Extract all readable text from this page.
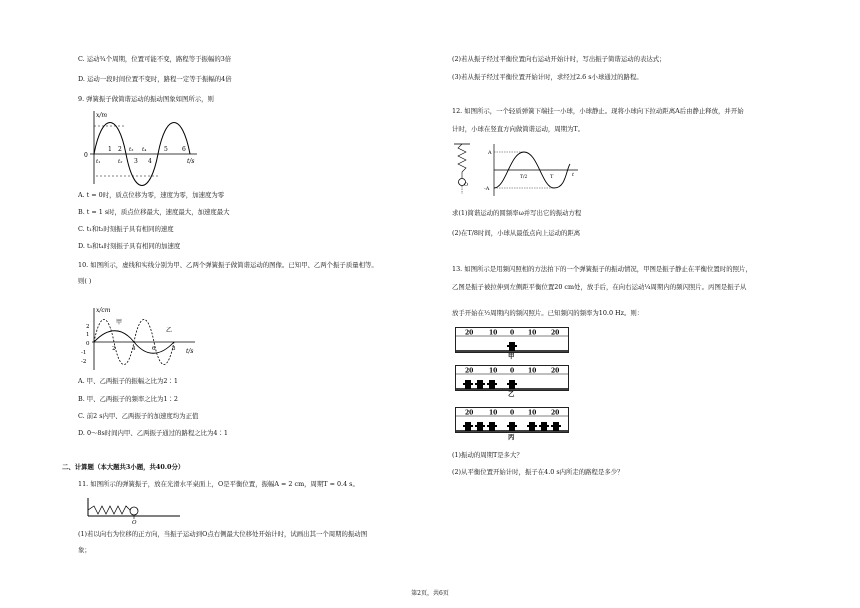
C. 运动¾个周期，位置可能不变，路程等于振幅的3倍
D. 运动一段时间位置不变时，路程一定等于振幅的4倍
9. 弹簧振子做简谐运动的振动图象如图所示，则
x/m
t/s
0
1 2
3 4
5 6
t₁	t₂
t₃ t₄
A. t = 0时，质点位移为零，速度为零，加速度为零
B. t = 1 s时，质点位移最大，速度最大，加速度最大
C. t₁和t₂时刻振子具有相同的速度
D. t₃和t₄时刻振子具有相同的加速度
10. 如图所示，虚线和实线分别为甲、乙两个弹簧振子做简谐运动的图像。已知甲、乙两个振子质量相等。
则( )
x/cm
t/s
2
1
0
-1
-2
2	4	6	8
甲
乙
A. 甲、乙两振子的振幅之比为2∶1
B. 甲、乙两振子的频率之比为1∶2
C. 前2 s内甲、乙两振子的加速度均为正值
D. 0～8s时间内甲、乙两振子通过的路程之比为4∶1
二、计算题（本大题共3小题，共40.0分）
11. 如图所示的弹簧振子，放在光滑水平桌面上，O是平衡位置，振幅A = 2 cm，周期T = 0.4 s。
O
(1)若以向右为位移的正方向，当振子运动到O点右侧最大位移处开始计时，试画出其一个周期的振动图
象；
(2)若从振子经过平衡位置向右运动开始计时，写出振子简谐运动的表达式；
(3)若从振子经过平衡位置开始计时，求经过2.6 s小球通过的路程。
12. 如图所示，一个轻质弹簧下端挂一小球，小球静止。现将小球向下拉动距离A后由静止释放，并开始
计时，小球在竖直方向做简谐运动，周期为T。
O
A
-A
t
T/2	T
求(1)简谐运动的圆频率ω并写出它的振动方程
(2)在T/8时间，小球从最低点向上运动的距离
13. 如图所示是用频闪照相的方法拍下的一个弹簧振子的振动情况，甲图是振子静止在平衡位置时的照片，
乙图是振子被拉伸到左侧距平衡位置20 cm处，放手后，在向右运动¼周期内的频闪照片。丙图是振子从
放手开始在½周期内的频闪照片。已知频闪的频率为10.0 Hz。则：
20	10 0 10 20
甲
20	10 0 10 20
乙
20	10 0 10 20
丙
(1)振动的周期T是多大？
(2)从平衡位置开始计时，振子在4.0 s内所走的路程是多少？
第2页，共6页
